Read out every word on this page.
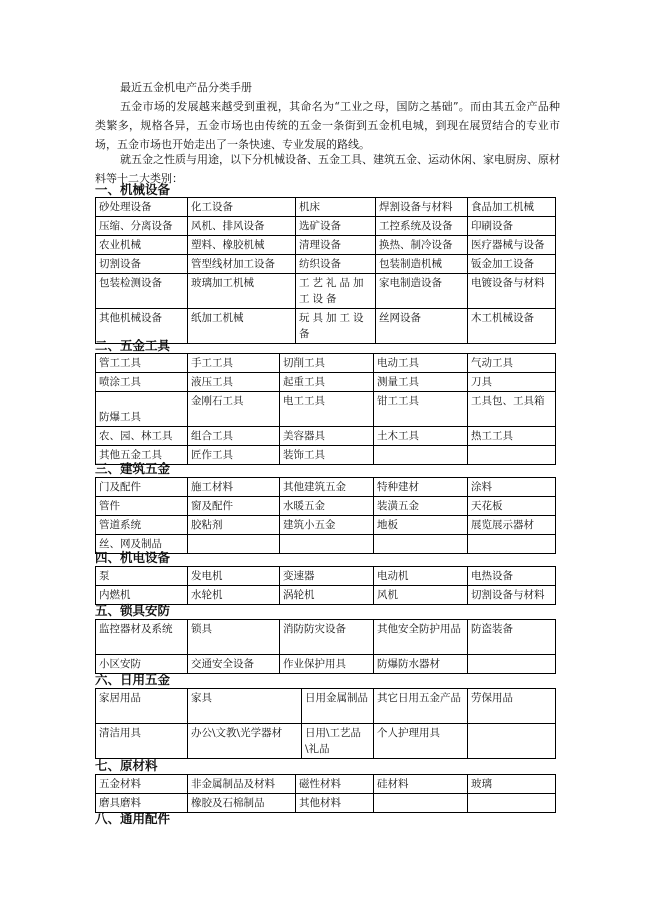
最近五金机电产品分类手册
五金市场的发展越来越受到重视，其命名为“工业之母，国防之基础”。而由其五金产品种类繁多，规格各异，五金市场也由传统的五金一条街到五金机电城，到现在展贸结合的专业市场，五金市场也开始走出了一条快速、专业发展的路线。
就五金之性质与用途，以下分机械设备、五金工具、建筑五金、运动休闲、家电厨房、原材料等十二大类别：
一、机械设备
砂处理设备	化工设备	机床	焊割设备与材料	食品加工机械
压缩、分离设备	风机、排风设备	选矿设备	工控系统及设备	印刷设备
农业机械	塑料、橡胶机械	清理设备	换热、制冷设备	医疗器械与设备
切割设备	管型线材加工设备	纺织设备	包装制造机械	钣金加工设备
包装检测设备	玻璃加工机械	工艺礼品加工设备	家电制造设备	电镀设备与材料
其他机械设备	纸加工机械	玩具加工设备	丝网设备	木工机械设备
二、五金工具
管工工具	手工工具	切削工具	电动工具	气动工具
喷涂工具	液压工具	起重工具	测量工具	刀具
防爆工具	金刚石工具	电工工具	钳工工具	工具包、工具箱
农、园、林工具	组合工具	美容器具	土木工具	热工工具
其他五金工具	匠作工具	装饰工具		
三、建筑五金
门及配件	施工材料	其他建筑五金	特种建材	涂料
管件	窗及配件	水暖五金	装潢五金	天花板
管道系统	胶粘剂	建筑小五金	地板	展览展示器材
丝、网及制品				
四、机电设备
泵	发电机	变速器	电动机	电热设备
内燃机	水轮机	涡轮机	风机	切割设备与材料
五、锁具安防
监控器材及系统	锁具	消防防灾设备	其他安全防护用品	防盗装备
小区安防	交通安全设备	作业保护用具	防爆防水器材	
六、日用五金
家居用品	家具	日用金属制品	其它日用五金产品	劳保用品
清洁用具	办公\文教\光学器材	日用\工艺品\礼品	个人护理用具	
七、原材料
五金材料	非金属制品及材料	磁性材料	硅材料	玻璃
磨具磨料	橡胶及石棉制品	其他材料		
八、通用配件
